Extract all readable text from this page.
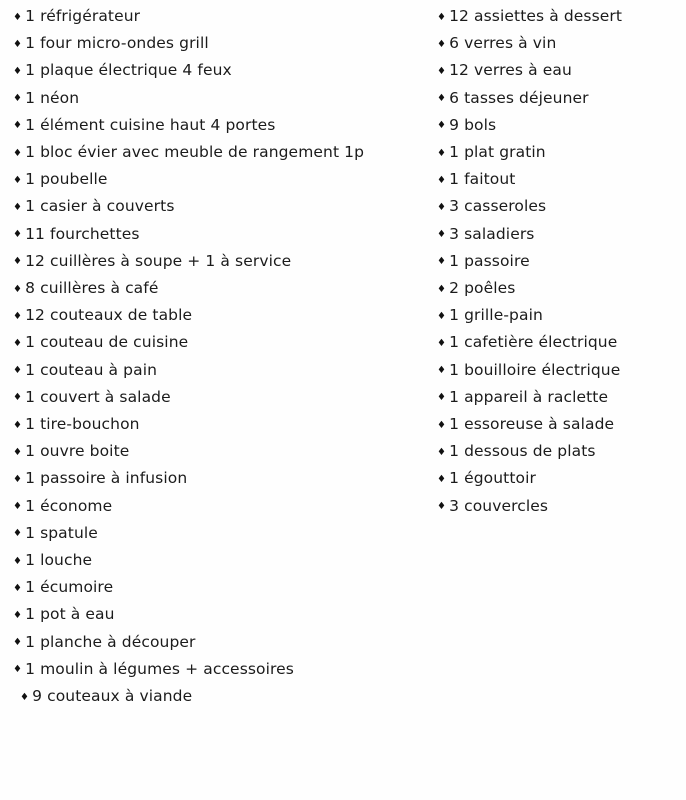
♦ 1 réfrigérateur
♦ 1 four micro-ondes grill
♦ 1 plaque électrique 4 feux
♦ 1 néon
♦ 1 élément cuisine haut 4 portes
♦ 1 bloc évier avec meuble de rangement 1p
♦ 1 poubelle
♦ 1 casier à couverts
♦ 11 fourchettes
♦ 12 cuillères à soupe + 1 à service
♦ 8 cuillères à café
♦ 12 couteaux de table
♦ 1 couteau de cuisine
♦ 1 couteau à pain
♦ 1 couvert à salade
♦ 1 tire-bouchon
♦ 1 ouvre boite
♦ 1 passoire à infusion
♦ 1 économe
♦ 1 spatule
♦ 1 louche
♦ 1 écumoire
♦ 1 pot à eau
♦ 1 planche à découper
♦ 1 moulin à légumes + accessoires
♦ 9 couteaux à viande
♦ 12 assiettes à dessert
♦ 6 verres à vin
♦ 12 verres à eau
♦ 6 tasses déjeuner
♦ 9 bols
♦ 1 plat gratin
♦ 1 faitout
♦ 3 casseroles
♦ 3 saladiers
♦ 1 passoire
♦ 2 poêles
♦ 1 grille-pain
♦ 1 cafetière électrique
♦ 1 bouilloire électrique
♦ 1 appareil à raclette
♦ 1 essoreuse à salade
♦ 1 dessous de plats
♦ 1 égouttoir
♦ 3 couvercles
